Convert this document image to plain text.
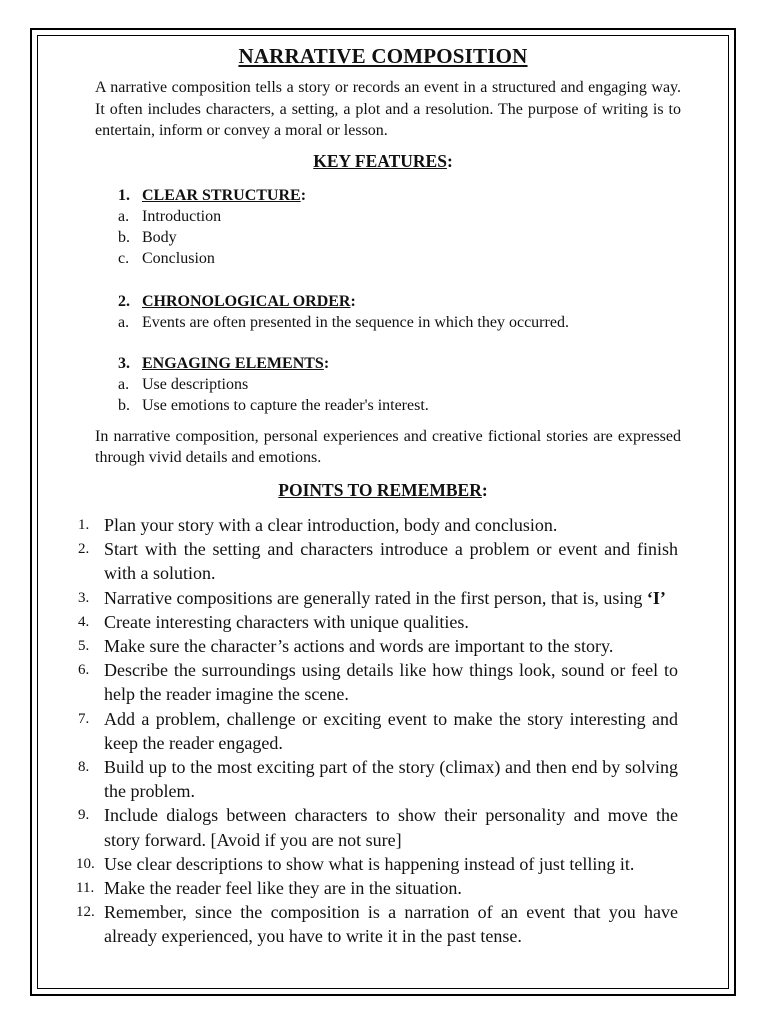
NARRATIVE COMPOSITION
A narrative composition tells a story or records an event in a structured and engaging way. It often includes characters, a setting, a plot and a resolution. The purpose of writing is to entertain, inform or convey a moral or lesson.
KEY FEATURES:
1. CLEAR STRUCTURE:
a. Introduction
b. Body
c. Conclusion
2. CHRONOLOGICAL ORDER:
a. Events are often presented in the sequence in which they occurred.
3. ENGAGING ELEMENTS:
a. Use descriptions
b. Use emotions to capture the reader's interest.
In narrative composition, personal experiences and creative fictional stories are expressed through vivid details and emotions.
POINTS TO REMEMBER:
1. Plan your story with a clear introduction, body and conclusion.
2. Start with the setting and characters introduce a problem or event and finish with a solution.
3. Narrative compositions are generally rated in the first person, that is, using ‘I’
4. Create interesting characters with unique qualities.
5. Make sure the character’s actions and words are important to the story.
6. Describe the surroundings using details like how things look, sound or feel to help the reader imagine the scene.
7. Add a problem, challenge or exciting event to make the story interesting and keep the reader engaged.
8. Build up to the most exciting part of the story (climax) and then end by solving the problem.
9. Include dialogs between characters to show their personality and move the story forward. [Avoid if you are not sure]
10. Use clear descriptions to show what is happening instead of just telling it.
11. Make the reader feel like they are in the situation.
12. Remember, since the composition is a narration of an event that you have already experienced, you have to write it in the past tense.
